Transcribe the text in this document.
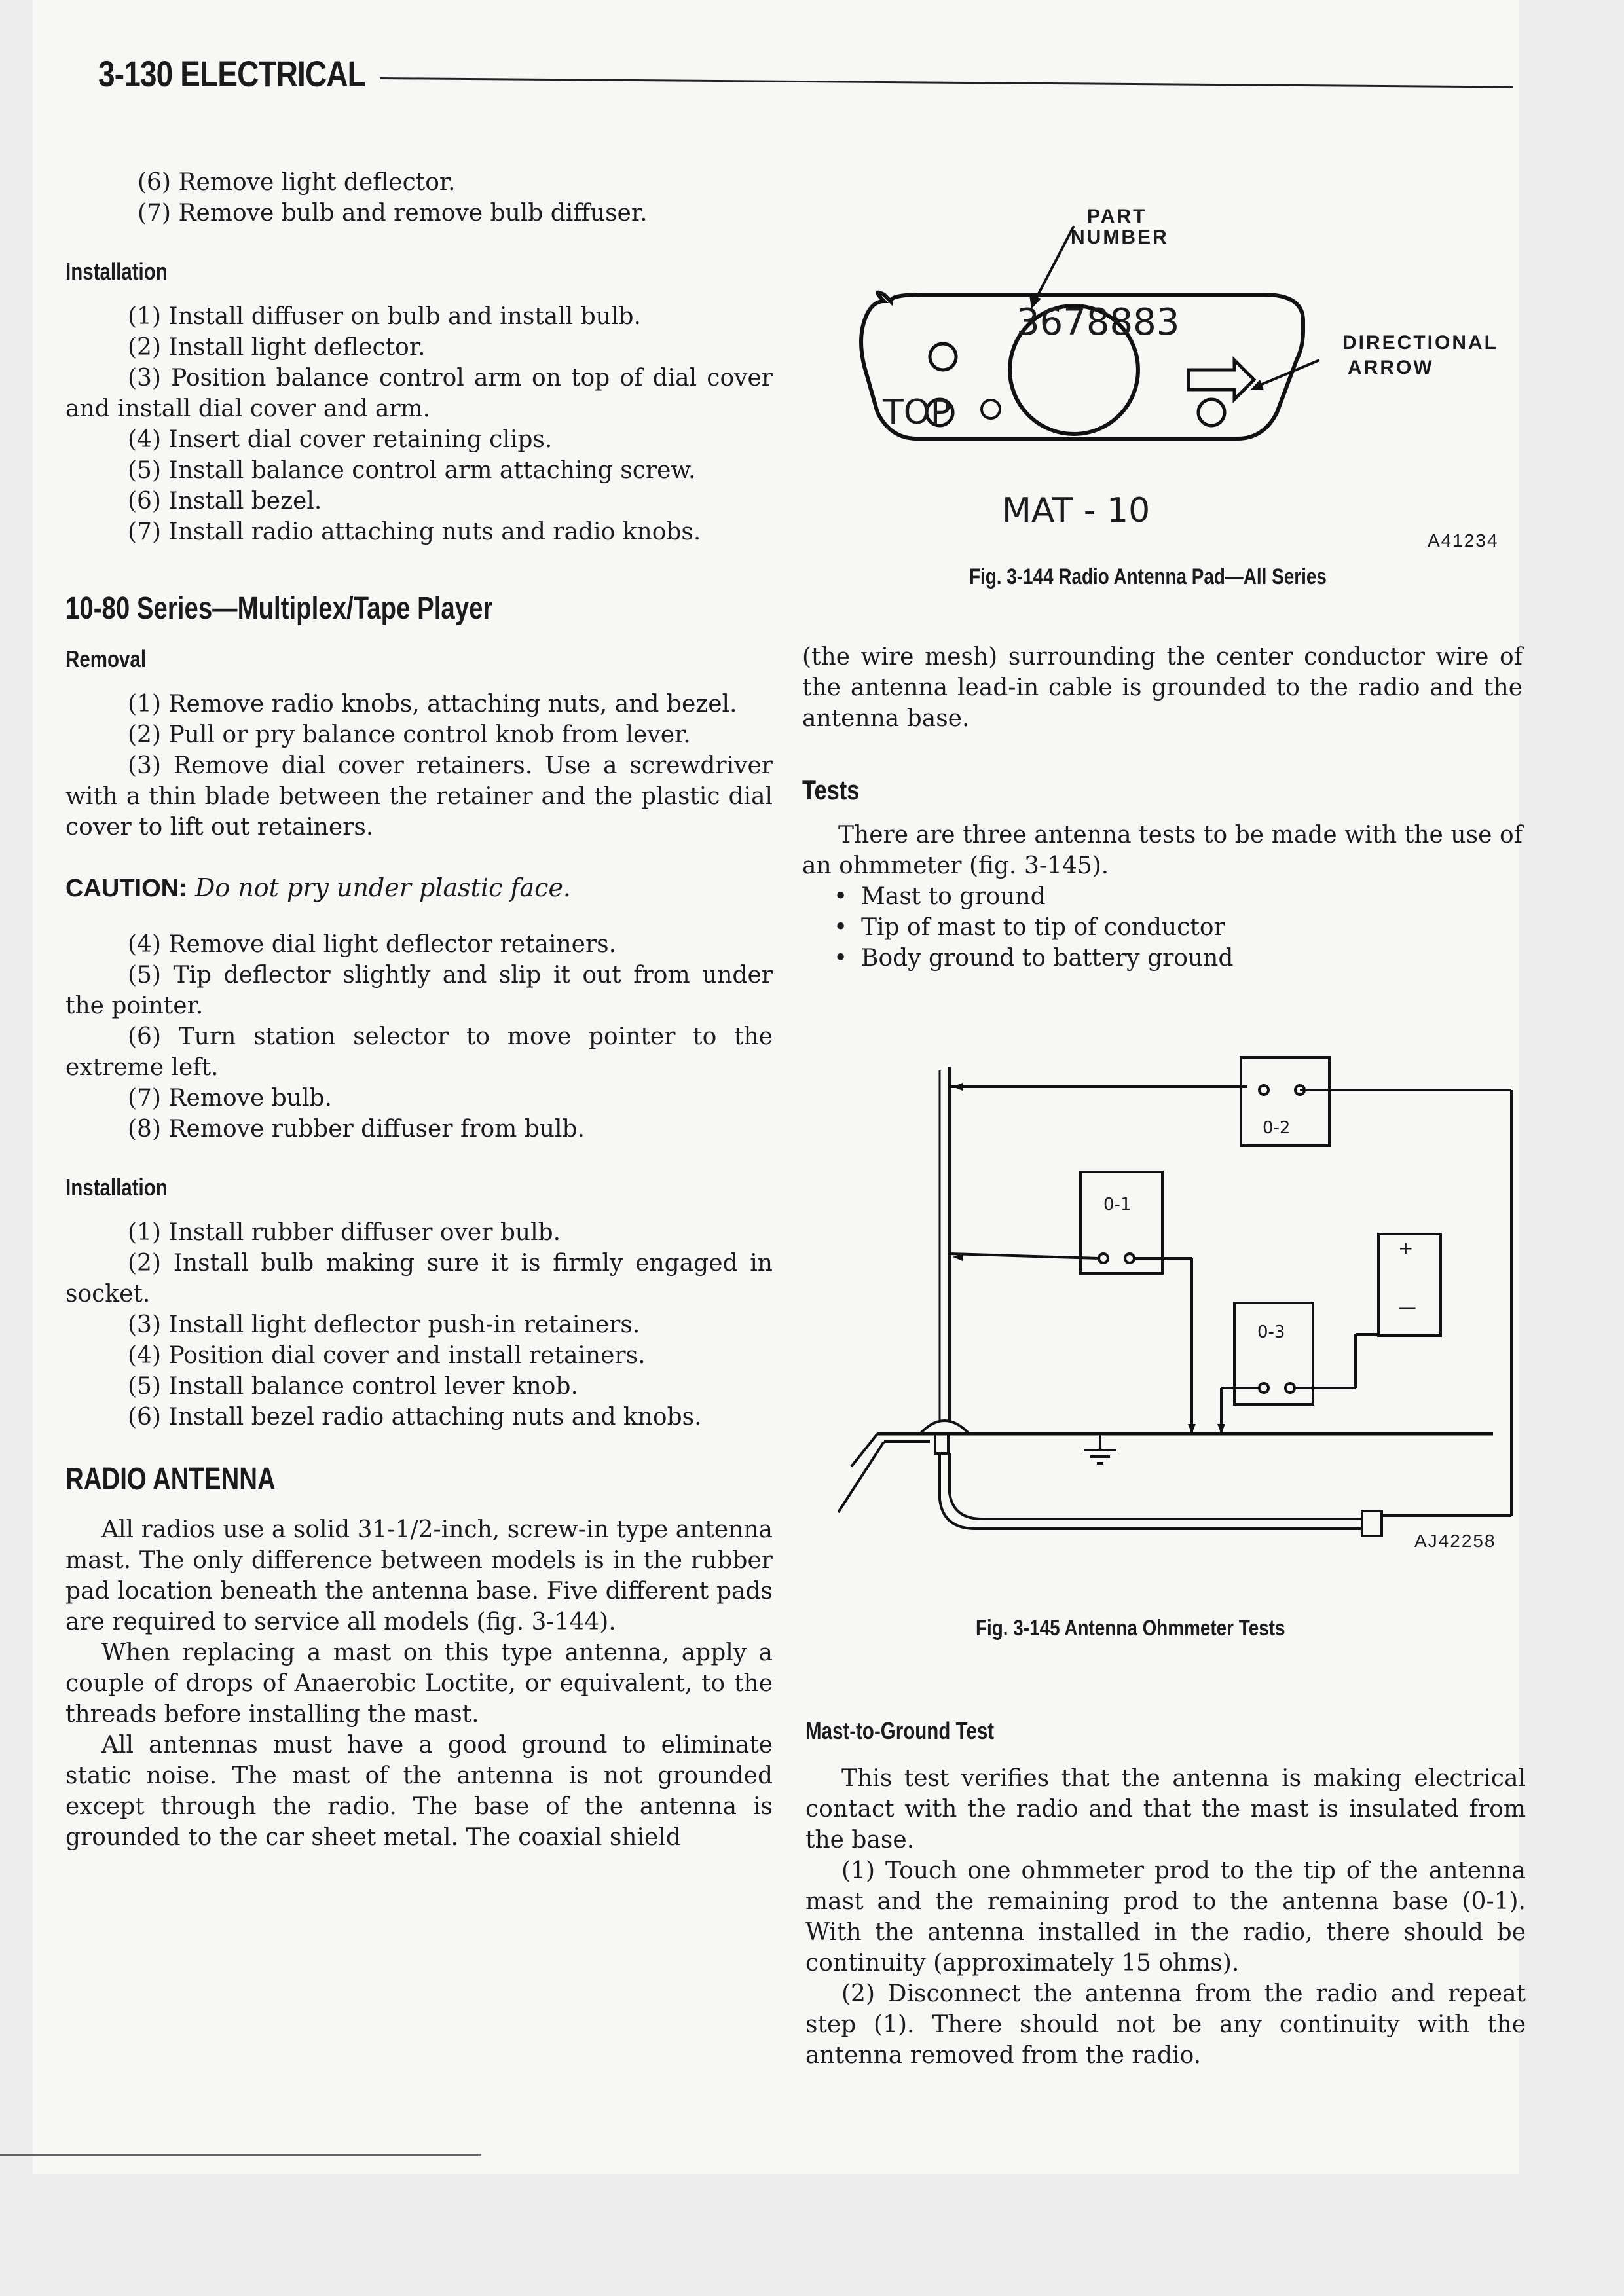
3-130 ELECTRICAL

(6) Remove light deflector.

(7) Remove bulb and remove bulb diffuser.

Installation

(1) Install diffuser on bulb and install bulb.

(2) Install light deflector.

(3) Position balance control arm on top of dial cover and install dial cover and arm.

(4) Insert dial cover retaining clips.

(5) Install balance control arm attaching screw.

(6) Install bezel.

(7) Install radio attaching nuts and radio knobs.

10-80 Series—Multiplex/Tape Player
Removal

(1) Remove radio knobs, attaching nuts, and bezel.

(2) Pull or pry balance control knob from lever.

(3) Remove dial cover retainers. Use a screwdriver with a thin blade between the retainer and the plastic dial cover to lift out retainers.

CAUTION: Do not pry under plastic face.

(4) Remove dial light deflector retainers.

(5) Tip deflector slightly and slip it out from under the pointer.

(6) Turn station selector to move pointer to the extreme left.

(7) Remove bulb.

(8) Remove rubber diffuser from bulb.

Installation

(1) Install rubber diffuser over bulb.

(2) Install bulb making sure it is firmly engaged in socket.

(3) Install light deflector push-in retainers.

(4) Position dial cover and install retainers.

(5) Install balance control lever knob.

(6) Install bezel radio attaching nuts and knobs.

RADIO ANTENNA

All radios use a solid 31-1/2-inch, screw-in type antenna mast. The only difference between models is in the rubber pad location beneath the antenna base. Five different pads are required to service all models (fig. 3-144).

When replacing a mast on this type antenna, apply a couple of drops of Anaerobic Loctite, or equivalent, to the threads before installing the mast.

All antennas must have a good ground to eliminate static noise. The mast of the antenna is not grounded except through the radio. The base of the antenna is grounded to the car sheet metal. The coaxial shield

PART
NUMBER
3678883	DIRECTIONAL
ARROW
TOP
MAT - 10
A41234
Fig. 3-144 Radio Antenna Pad—All Series

(the wire mesh) surrounding the center conductor wire of the antenna lead-in cable is grounded to the radio and the antenna base.

Tests

There are three antenna tests to be made with the use of an ohmmeter (fig. 3-145).

• Mast to ground

• Tip of mast to tip of conductor

• Body ground to battery ground

0-2
0-1
0-3
+
—
AJ42258
Fig. 3-145 Antenna Ohmmeter Tests
Mast-to-Ground Test

This test verifies that the antenna is making electrical contact with the radio and that the mast is insulated from the base.

(1) Touch one ohmmeter prod to the tip of the antenna mast and the remaining prod to the antenna base (0-1). With the antenna installed in the radio, there should be continuity (approximately 15 ohms).

(2) Disconnect the antenna from the radio and repeat step (1). There should not be any continuity with the antenna removed from the radio.
